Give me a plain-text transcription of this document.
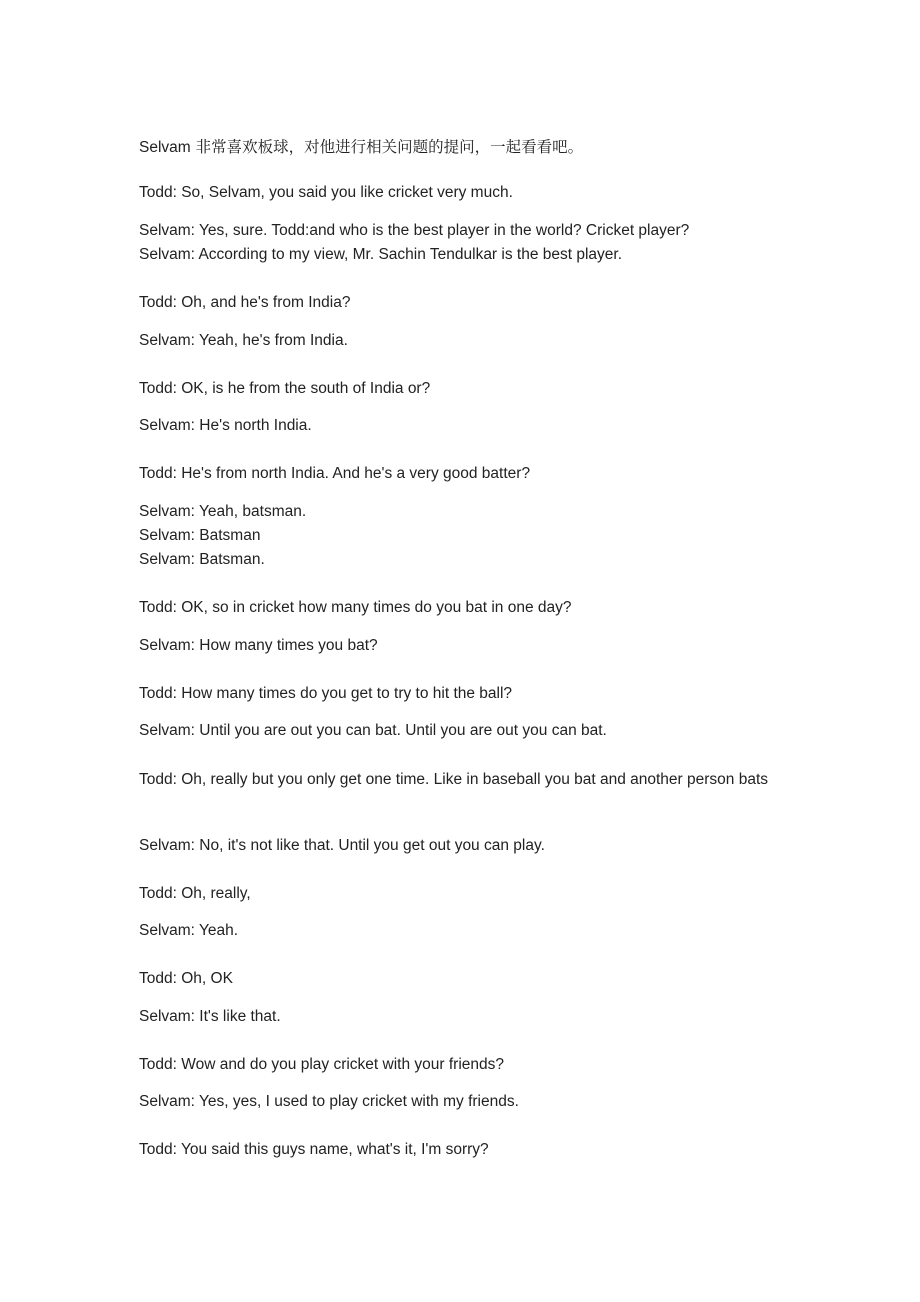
Selvam 非常喜欢板球，对他进行相关问题的提问，一起看看吧。
Todd: So, Selvam, you said you like cricket very much.
Selvam: Yes, sure. Todd:and who is the best player in the world? Cricket player?
Selvam: According to my view, Mr. Sachin Tendulkar is the best player.
Todd: Oh, and he's from India?
Selvam: Yeah, he's from India.
Todd: OK, is he from the south of India or?
Selvam: He's north India.
Todd: He's from north India. And he's a very good batter?
Selvam: Yeah, batsman.
Selvam: Batsman
Selvam: Batsman.
Todd: OK, so in cricket how many times do you bat in one day?
Selvam: How many times you bat?
Todd: How many times do you get to try to hit the ball?
Selvam: Until you are out you can bat. Until you are out you can bat.
Todd: Oh, really but you only get one time. Like in baseball you bat and another person bats
Selvam: No, it's not like that. Until you get out you can play.
Todd: Oh, really,
Selvam: Yeah.
Todd: Oh, OK
Selvam: It's like that.
Todd: Wow and do you play cricket with your friends?
Selvam: Yes, yes, I used to play cricket with my friends.
Todd: You said this guys name, what's it, I'm sorry?
